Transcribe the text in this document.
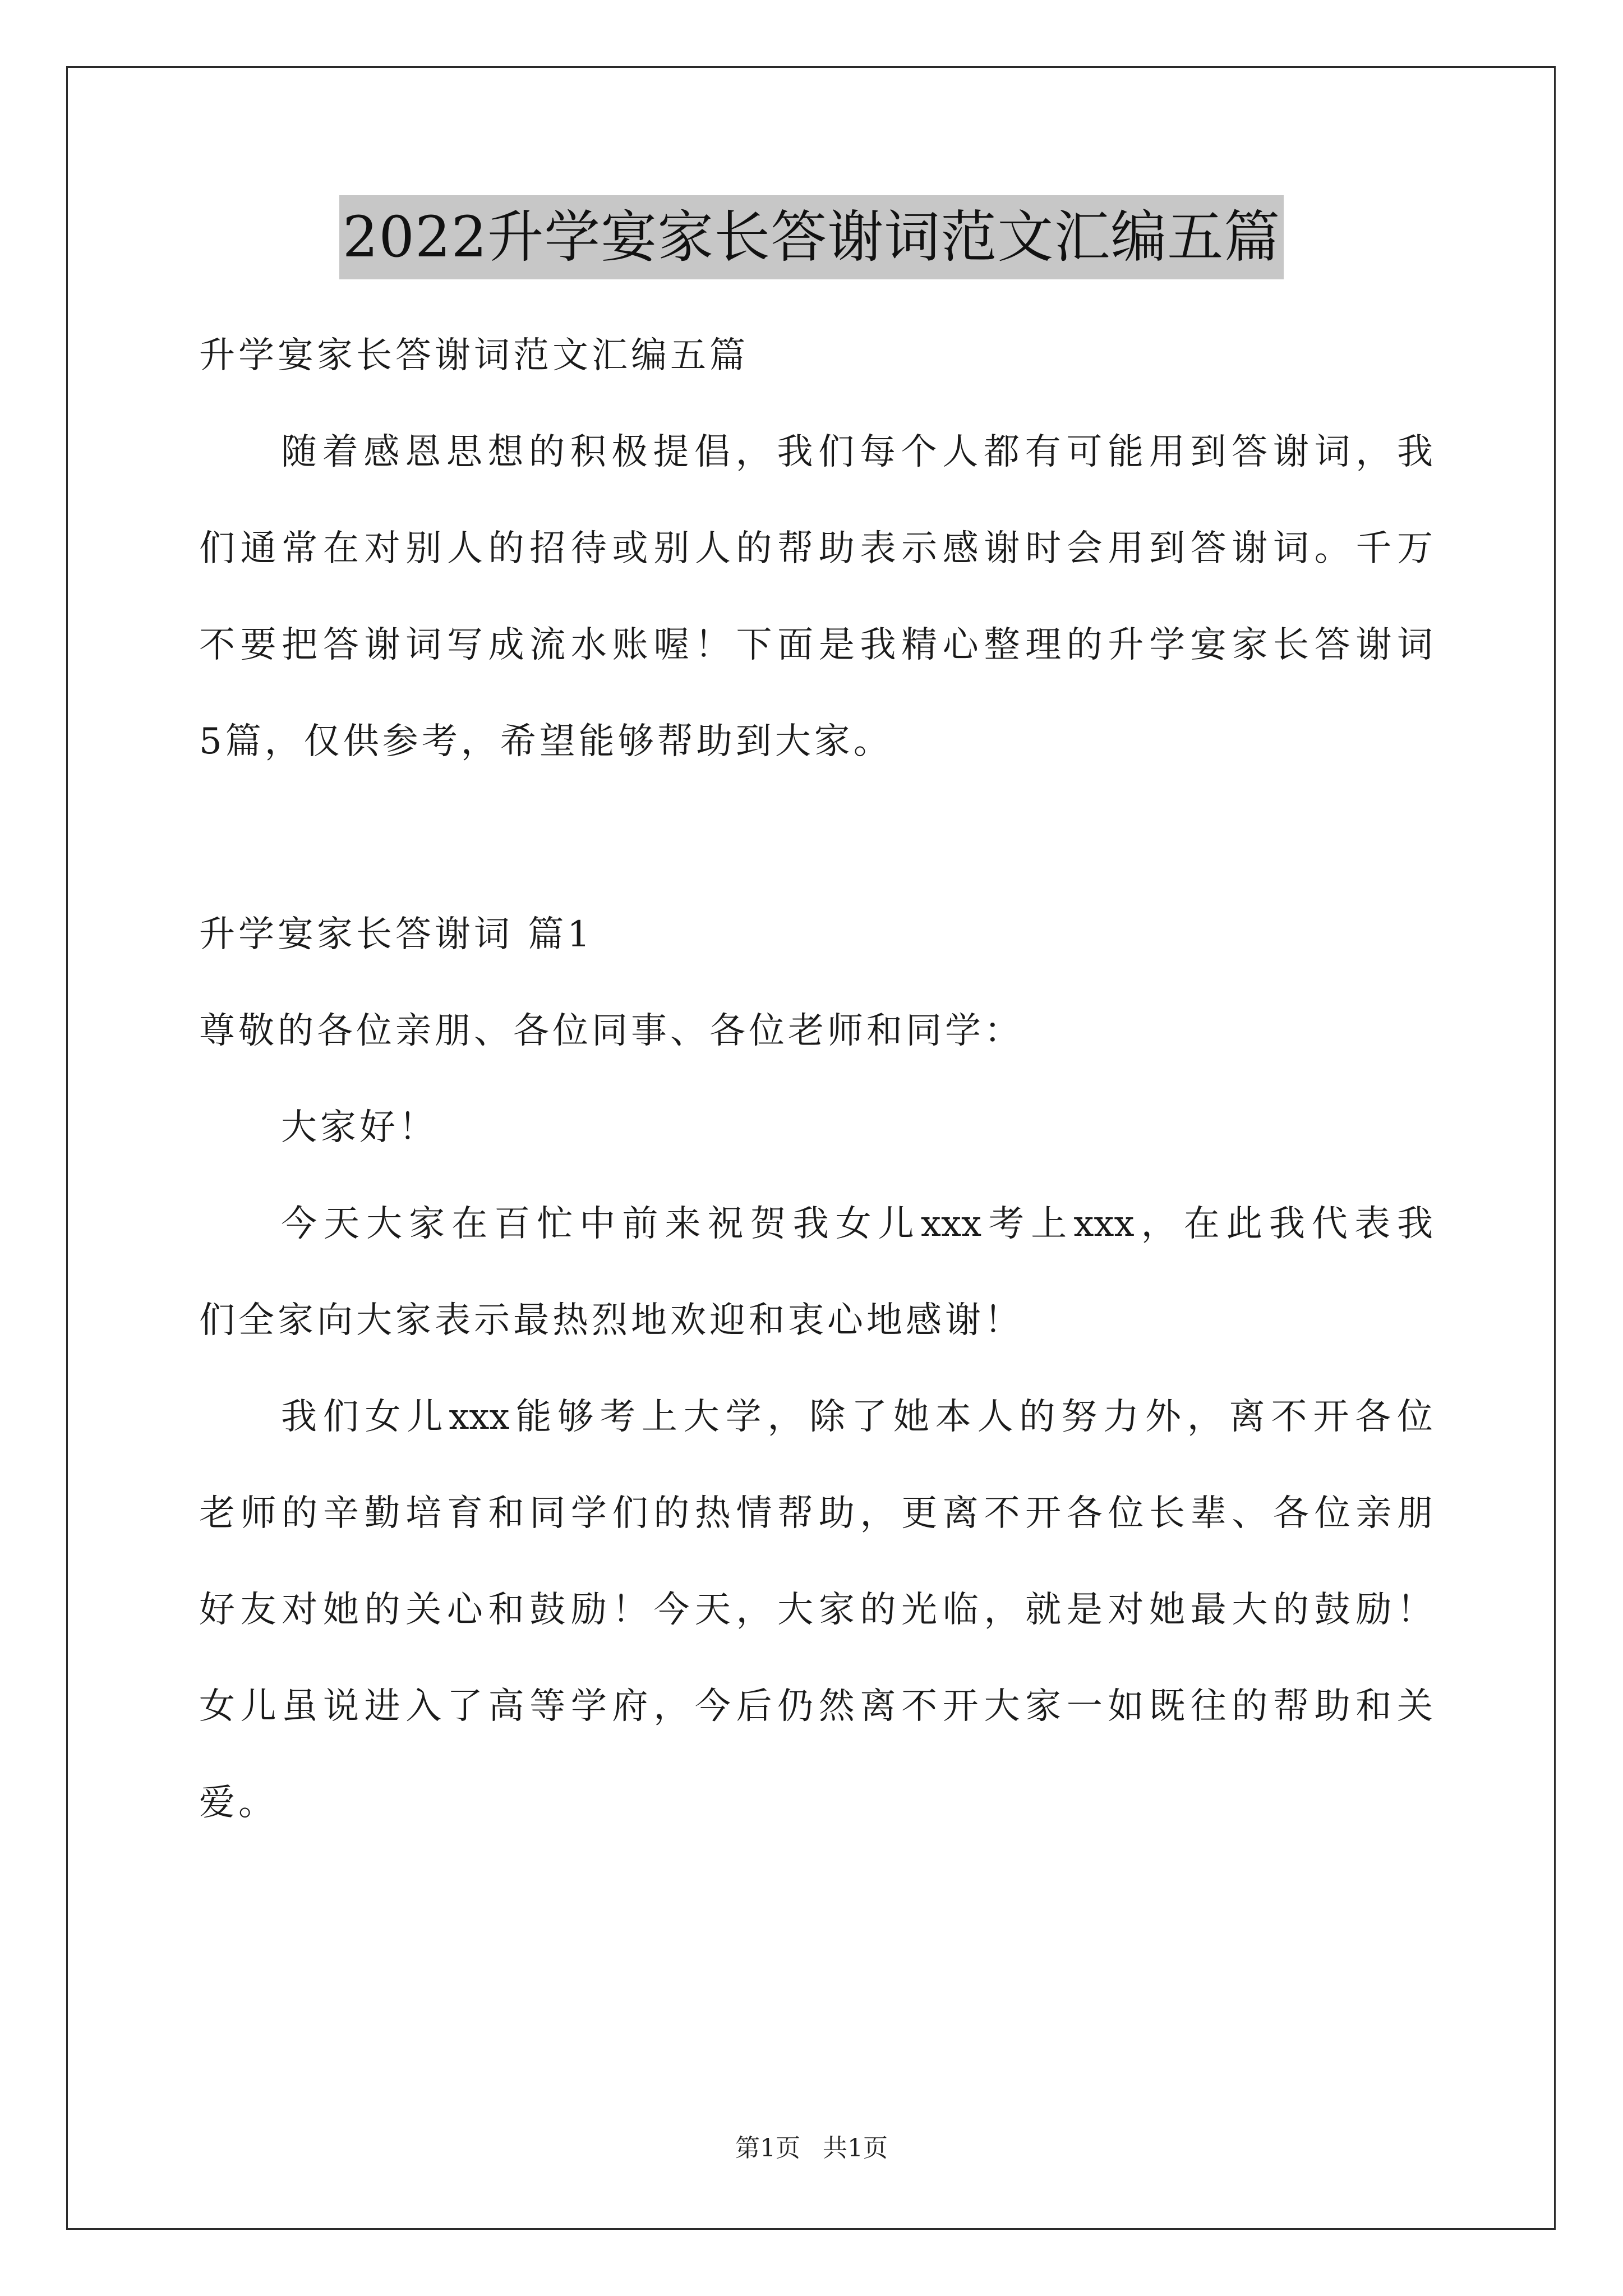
2022升学宴家长答谢词范文汇编五篇
升学宴家长答谢词范文汇编五篇
随着感恩思想的积极提倡，我们每个人都有可能用到答谢词，我
们通常在对别人的招待或别人的帮助表示感谢时会用到答谢词。千万
不要把答谢词写成流水账喔！下面是我精心整理的升学宴家长答谢词
5篇，仅供参考，希望能够帮助到大家。
升学宴家长答谢词 篇1
尊敬的各位亲朋、各位同事、各位老师和同学：
大家好！
今天大家在百忙中前来祝贺我女儿xxx考上xxx，在此我代表我
们全家向大家表示最热烈地欢迎和衷心地感谢！
我们女儿xxx能够考上大学，除了她本人的努力外，离不开各位
老师的辛勤培育和同学们的热情帮助，更离不开各位长辈、各位亲朋
好友对她的关心和鼓励！今天，大家的光临，就是对她最大的鼓励！
女儿虽说进入了高等学府，今后仍然离不开大家一如既往的帮助和关
爱。
第1页 共1页
